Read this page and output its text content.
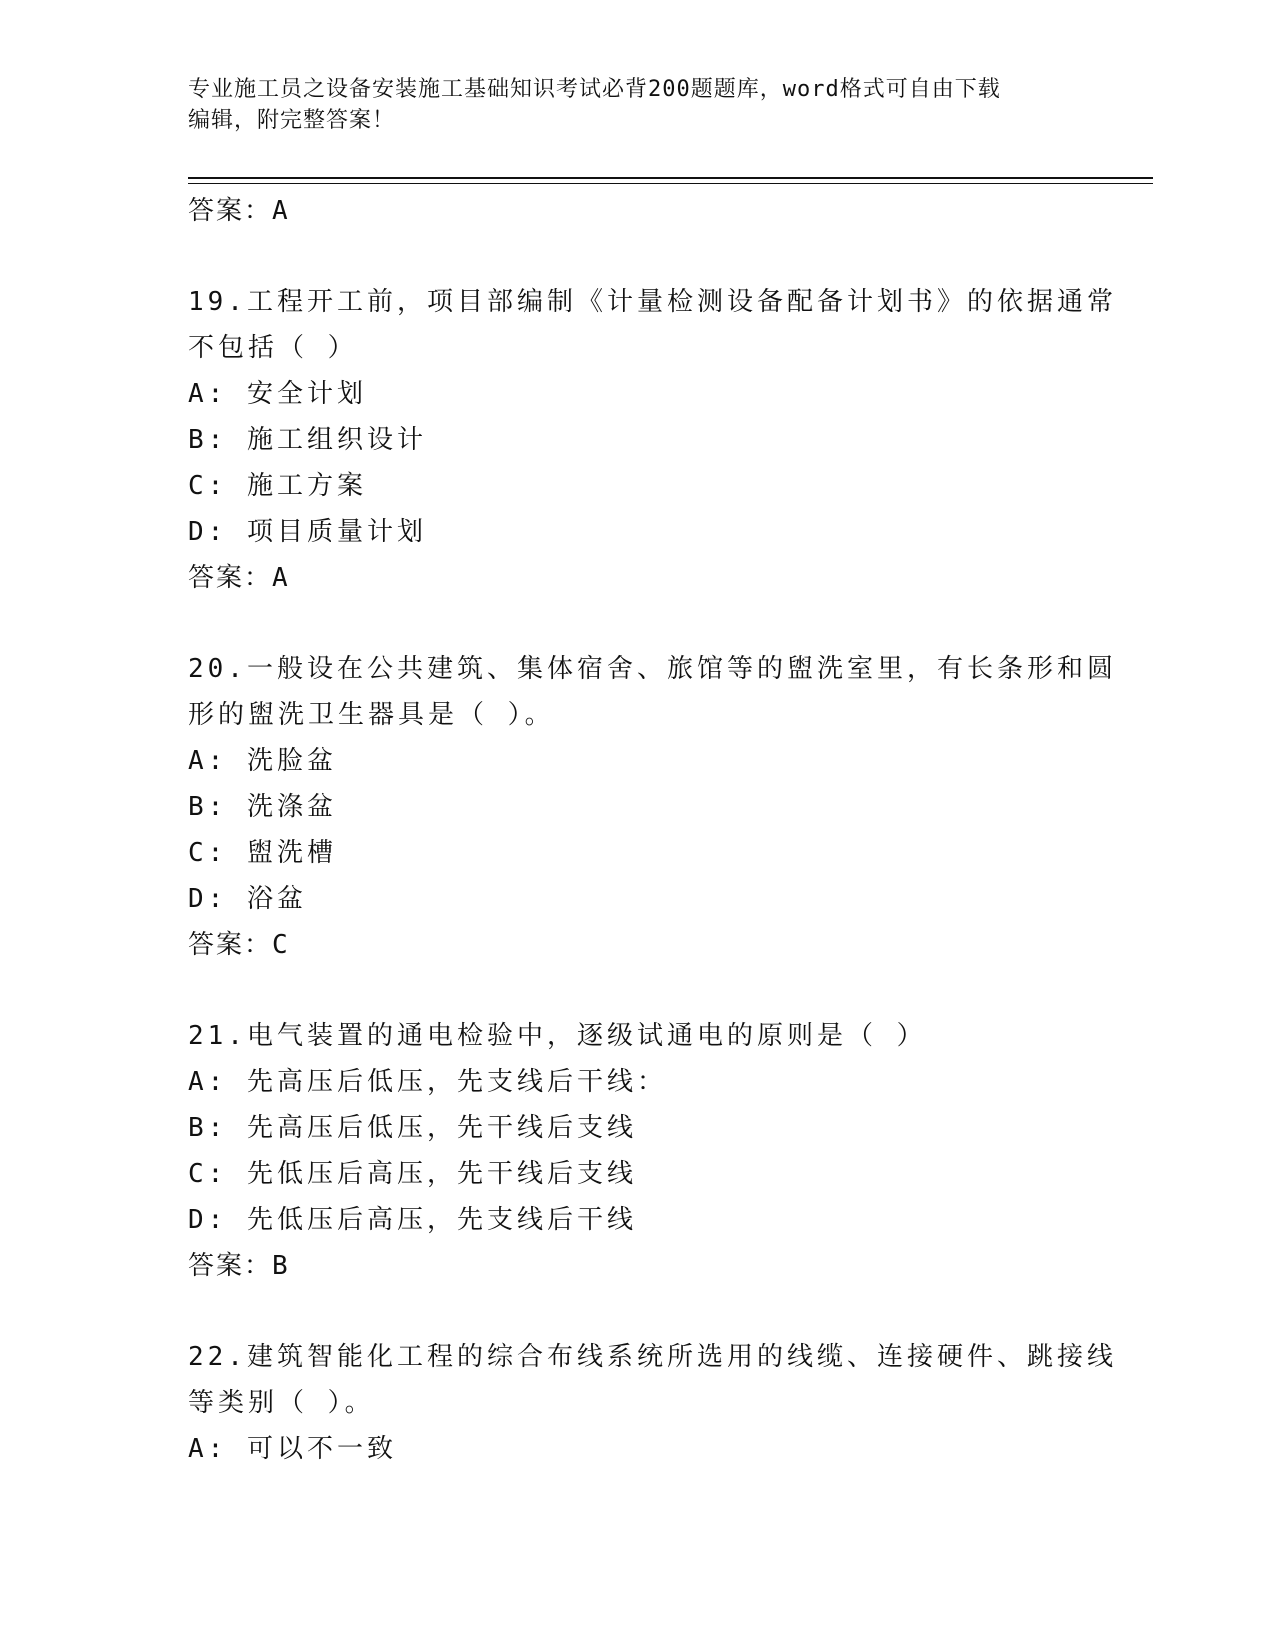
专业施工员之设备安装施工基础知识考试必背200题题库，word格式可自由下载
编辑，附完整答案！
答案：A
19.工程开工前，项目部编制《计量检测设备配备计划书》的依据通常
不包括（ ）
A: 安全计划
B: 施工组织设计
C: 施工方案
D: 项目质量计划
答案：A
20.一般设在公共建筑、集体宿舍、旅馆等的盥洗室里，有长条形和圆
形的盥洗卫生器具是（ ）。
A: 洗脸盆
B: 洗涤盆
C: 盥洗槽
D: 浴盆
答案：C
21.电气装置的通电检验中，逐级试通电的原则是（ ）
A: 先高压后低压，先支线后干线：
B: 先高压后低压，先干线后支线
C: 先低压后高压，先干线后支线
D: 先低压后高压，先支线后干线
答案：B
22.建筑智能化工程的综合布线系统所选用的线缆、连接硬件、跳接线
等类别（ ）。
A: 可以不一致
